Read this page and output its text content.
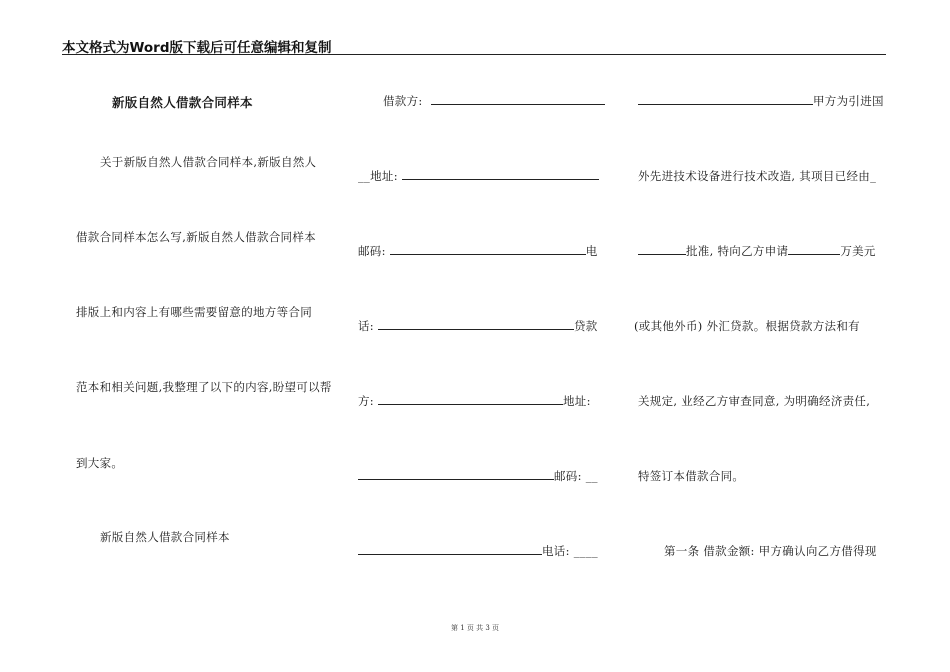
本文格式为Word版下载后可任意编辑和复制
新版自然人借款合同样本
关于新版自然人借款合同样本,新版自然人
借款合同样本怎么写,新版自然人借款合同样本
排版上和内容上有哪些需要留意的地方等合同
范本和相关问题,我整理了以下的内容,盼望可以帮
到大家。
新版自然人借款合同样本
借款方:
__地址:
邮码:	电
话:	贷款
方:	地址:
邮码: __
电话: ____
甲方为引进国
外先进技术设备进行技术改造, 其项目已经由_
批准, 特向乙方申请	万美元
(或其他外币) 外汇贷款。根据贷款方法和有
关规定, 业经乙方审查同意, 为明确经济责任,
特签订本借款合同。
第一条 借款金额: 甲方确认向乙方借得现
第 1 页 共 3 页
